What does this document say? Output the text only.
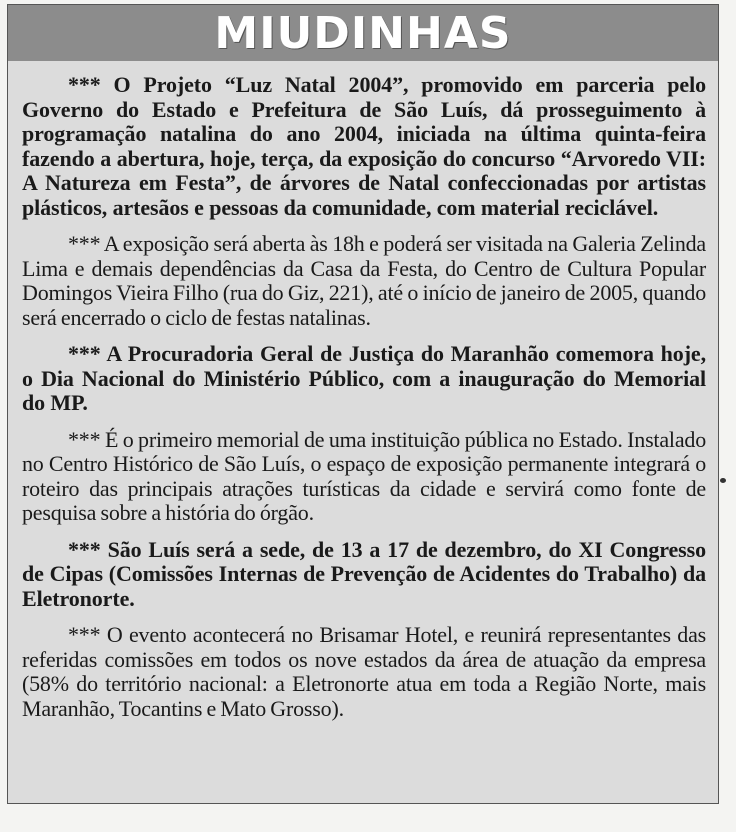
MIUDINHAS

*** O Projeto “Luz Natal 2004”, promovido em parceria pelo Governo do Estado e Prefeitura de São Luís, dá prosseguimento à programação natalina do ano 2004, iniciada na última quinta-feira fazendo a abertura, hoje, terça, da exposição do concurso “Arvoredo VII: A Natureza em Festa”, de árvores de Natal confeccionadas por artistas plásticos, artesãos e pessoas da comunidade, com material reciclável.

*** A exposição será aberta às 18h e poderá ser visitada na Galeria Zelinda Lima e demais dependências da Casa da Festa, do Centro de Cultura Popular Domingos Vieira Filho (rua do Giz, 221), até o início de janeiro de 2005, quando será encerrado o ciclo de festas natalinas.

*** A Procuradoria Geral de Justiça do Maranhão comemora hoje, o Dia Nacional do Ministério Público, com a inauguração do Memorial do MP.

*** É o primeiro memorial de uma instituição pública no Estado. Instalado no Centro Histórico de São Luís, o espaço de exposição permanente integrará o roteiro das principais atrações turísticas da cidade e servirá como fonte de pesquisa sobre a história do órgão.

*** São Luís será a sede, de 13 a 17 de dezembro, do XI Congresso de Cipas (Comissões Internas de Prevenção de Acidentes do Trabalho) da Eletronorte.

*** O evento acontecerá no Brisamar Hotel, e reunirá representantes das referidas comissões em todos os nove estados da área de atuação da empresa (58% do território nacional: a Eletronorte atua em toda a Região Norte, mais Maranhão, Tocantins e Mato Grosso).
